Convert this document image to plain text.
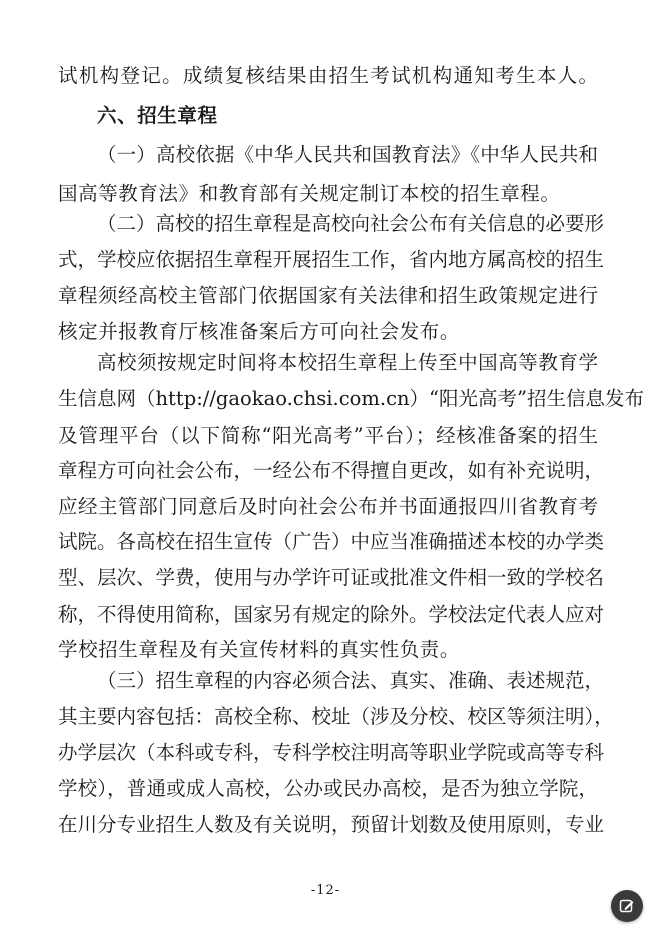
试机构登记。成绩复核结果由招生考试机构通知考生本人。
六、招生章程
（一）高校依据《中华人民共和国教育法》《中华人民共和
国高等教育法》和教育部有关规定制订本校的招生章程。
（二）高校的招生章程是高校向社会公布有关信息的必要形
式，学校应依据招生章程开展招生工作，省内地方属高校的招生
章程须经高校主管部门依据国家有关法律和招生政策规定进行
核定并报教育厅核准备案后方可向社会发布。
高校须按规定时间将本校招生章程上传至中国高等教育学
生信息网（http://gaokao.chsi.com.cn）“阳光高考”招生信息发布
及管理平台（以下简称“阳光高考”平台）；经核准备案的招生
章程方可向社会公布，一经公布不得擅自更改，如有补充说明，
应经主管部门同意后及时向社会公布并书面通报四川省教育考
试院。各高校在招生宣传（广告）中应当准确描述本校的办学类
型、层次、学费，使用与办学许可证或批准文件相一致的学校名
称，不得使用简称，国家另有规定的除外。学校法定代表人应对
学校招生章程及有关宣传材料的真实性负责。
（三）招生章程的内容必须合法、真实、准确、表述规范，
其主要内容包括：高校全称、校址（涉及分校、校区等须注明），
办学层次（本科或专科，专科学校注明高等职业学院或高等专科
学校），普通或成人高校，公办或民办高校，是否为独立学院，
在川分专业招生人数及有关说明，预留计划数及使用原则，专业
-12-
